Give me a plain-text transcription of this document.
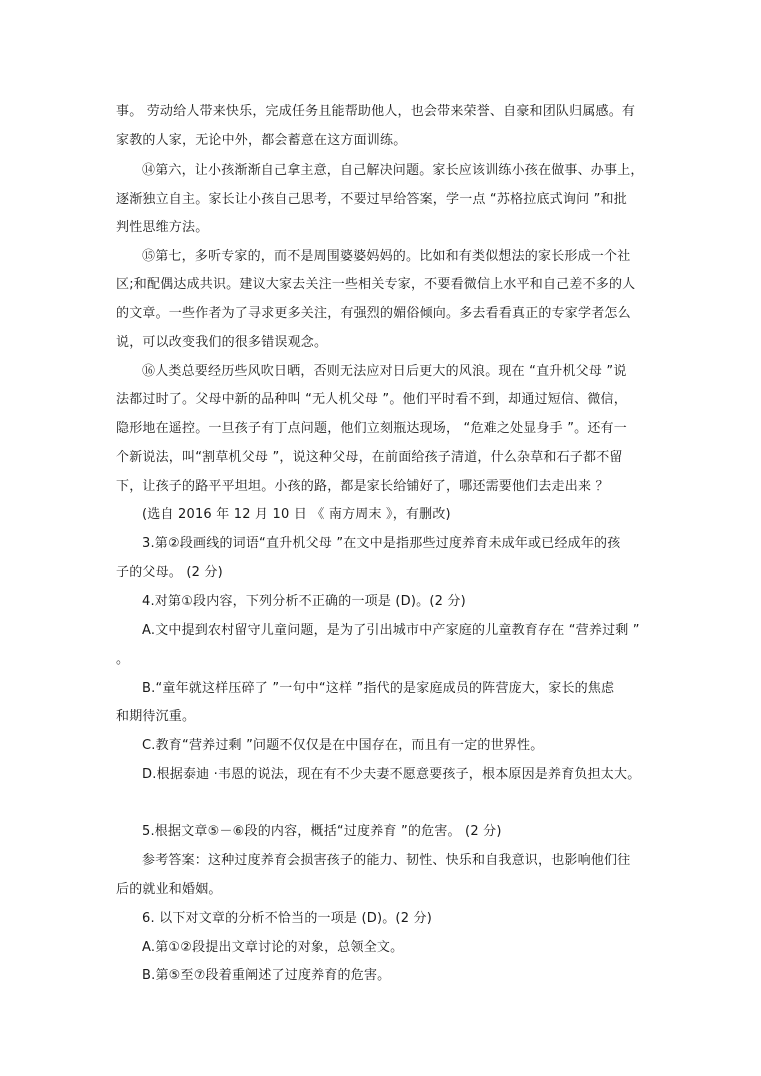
事。 劳动给人带来快乐，完成任务且能帮助他人，也会带来荣誉、自豪和团队归属感。有
家教的人家，无论中外，都会蓄意在这方面训练。
⑭第六，让小孩渐渐自己拿主意，自己解决问题。家长应该训练小孩在做事、办事上，
逐渐独立自主。家长让小孩自己思考，不要过早给答案，学一点 “苏格拉底式询问 ”和批
判性思维方法。
⑮第七，多听专家的，而不是周围婆婆妈妈的。比如和有类似想法的家长形成一个社
区;和配偶达成共识。建议大家去关注一些相关专家，不要看微信上水平和自己差不多的人
的文章。一些作者为了寻求更多关注，有强烈的媚俗倾向。多去看看真正的专家学者怎么
说，可以改变我们的很多错误观念。
⑯人类总要经历些风吹日晒，否则无法应对日后更大的风浪。现在 “直升机父母 ”说
法都过时了。父母中新的品种叫 “无人机父母 ”。他们平时看不到，却通过短信、微信，
隐形地在遥控。一旦孩子有丁点问题，他们立刻瓶达现场， “危难之处显身手 ”。还有一
个新说法，叫“割草机父母 ”，说这种父母，在前面给孩子清道，什么杂草和石子都不留
下，让孩子的路平平坦坦。小孩的路，都是家长给铺好了，哪还需要他们去走出来 ？
(选自 2016 年 12 月 10 日 《 南方周末 》，有删改)
3.第②段画线的词语“直升机父母 ”在文中是指那些过度养育未成年或已经成年的孩
子的父母。 (2 分)
4.对第①段内容，下列分析不正确的一项是 (D)。(2 分)
A.文中提到农村留守儿童问题，是为了引出城市中产家庭的儿童教育存在 “营养过剩 ”
。
B.“童年就这样压碎了 ”一句中“这样 ”指代的是家庭成员的阵营庞大，家长的焦虑
和期待沉重。
C.教育“营养过剩 ”问题不仅仅是在中国存在，而且有一定的世界性。
D.根据泰迪 ·韦恩的说法，现在有不少夫妻不愿意要孩子，根本原因是养育负担太大。
5.根据文章⑤－⑥段的内容，概括“过度养育 ”的危害。 (2 分)
参考答案：这种过度养育会损害孩子的能力、韧性、快乐和自我意识，也影响他们往
后的就业和婚姻。
6. 以下对文章的分析不恰当的一项是 (D)。(2 分)
A.第①②段提出文章讨论的对象，总领全文。
B.第⑤至⑦段着重阐述了过度养育的危害。
